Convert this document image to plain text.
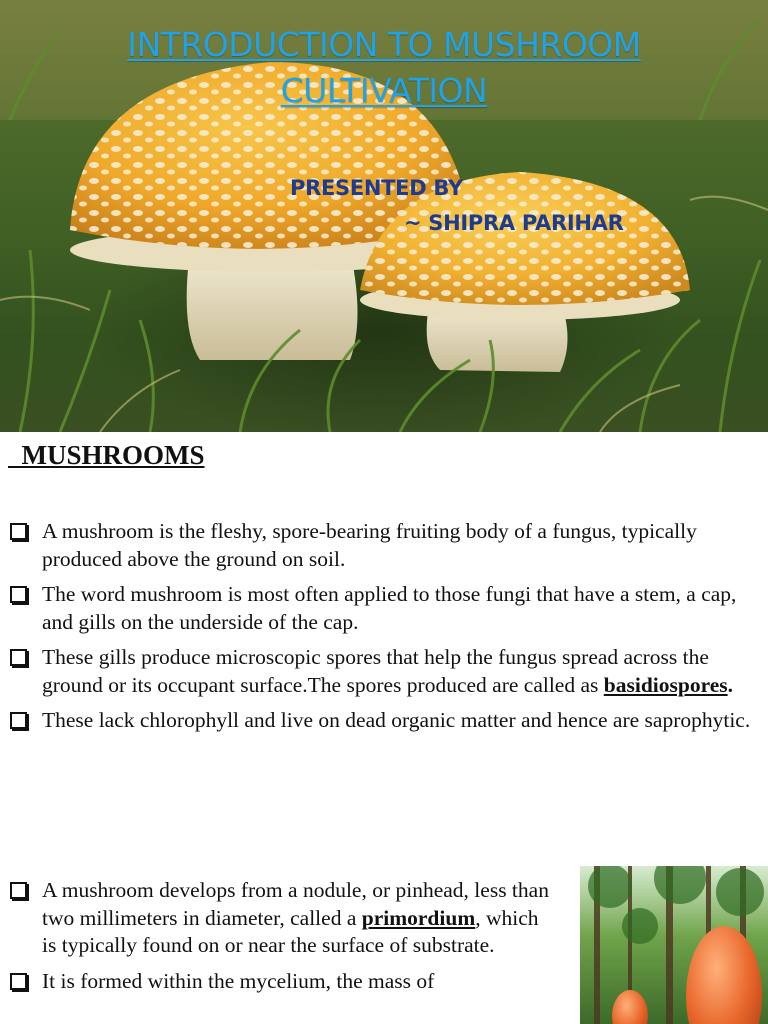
INTRODUCTION TO MUSHROOM
CULTIVATION
PRESENTED BY
~ SHIPRA PARIHAR
MUSHROOMS
A mushroom is the fleshy, spore-bearing fruiting body of a fungus, typically produced above the ground on soil.
The word mushroom is most often applied to those fungi that have a stem, a cap, and gills on the underside of the cap.
These gills produce microscopic spores that help the fungus spread across the ground or its occupant surface.The spores produced are called as basidiospores.
These lack chlorophyll and live on dead organic matter and hence are saprophytic.
A mushroom develops from a nodule, or pinhead, less than two millimeters in diameter, called a primordium, which is typically found on or near the surface of substrate.
It is formed within the mycelium, the mass of
